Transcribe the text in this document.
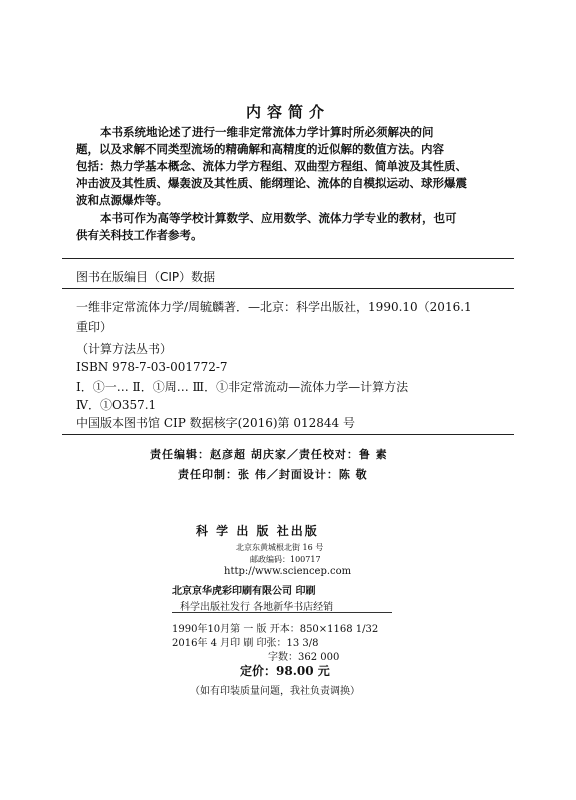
内容简介
本书系统地论述了进行一维非定常流体力学计算时所必须解决的问
题，以及求解不同类型流场的精确解和高精度的近似解的数值方法。内容
包括：热力学基本概念、流体力学方程组、双曲型方程组、简单波及其性质、
冲击波及其性质、爆轰波及其性质、能纲理论、流体的自模拟运动、球形爆震
波和点源爆炸等。
本书可作为高等学校计算数学、应用数学、流体力学专业的教材，也可
供有关科技工作者参考。
图书在版编目（CIP）数据
一维非定常流体力学/周毓麟著．—北京：科学出版社，1990.10（2016.1
重印）
（计算方法丛书）
ISBN 978-7-03-001772-7
Ⅰ．①一… Ⅱ．①周… Ⅲ．①非定常流动—流体力学—计算方法
Ⅳ．①O357.1
中国版本图书馆 CIP 数据核字(2016)第 012844 号
责任编辑：赵彦超 胡庆家／责任校对：鲁 素
责任印制：张 伟／封面设计：陈 敬
科 学 出 版 社出版
北京东黄城根北街 16 号
邮政编码：100717
http://www.sciencep.com
北京京华虎彩印刷有限公司 印刷
科学出版社发行 各地新华书店经销
1990年10月第 一 版 开本：850×1168 1/32
2016年 4 月印 刷 印张：13 3/8
字数：362 000
定价：98.00 元
（如有印装质量问题，我社负责调换）
